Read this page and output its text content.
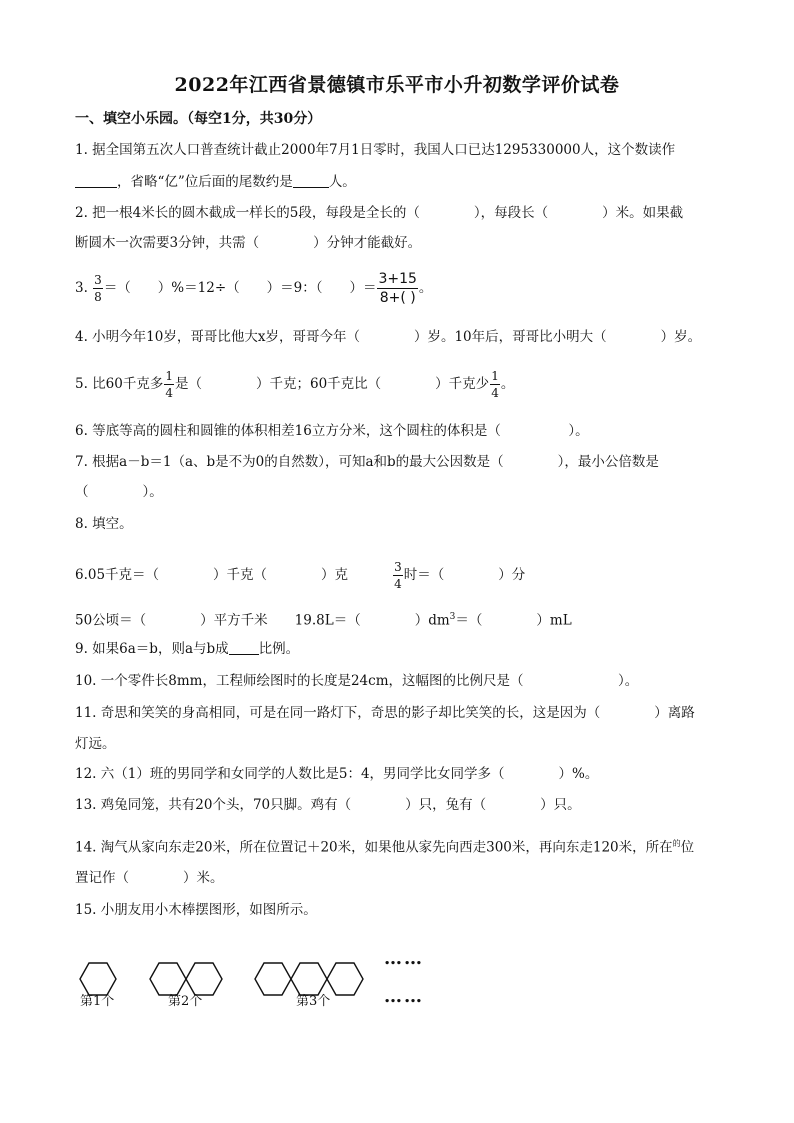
2022年江西省景德镇市乐平市小升初数学评价试卷
一、填空小乐园。（每空1分，共30分）
1. 据全国第五次人口普查统计截止2000年7月1日零时，我国人口已达1295330000人，这个数读作
，省略“亿”位后面的尾数约是	人。
2. 把一根4米长的圆木截成一样长的5段，每段是全长的（　　　　），每段长（　　　　）米。如果截
断圆木一次需要3分钟，共需（　　　　）分钟才能截好。
3. $\frac{3}{8}$ ＝（　　）%＝12÷（　　）＝9：（　　）＝ $\frac{3+15}{8+( )}$ 。
4. 小明今年10岁，哥哥比他大x岁，哥哥今年（　　　　）岁。10年后，哥哥比小明大（　　　　）岁。
5. 比60千克多 $\frac{1}{4}$ 是（　　　　）千克；60千克比（　　　　）千克少 $\frac{1}{4}$ 。
6. 等底等高的圆柱和圆锥的体积相差16立方分米，这个圆柱的体积是（　　　　　）。
7. 根据a－b＝1（a、b是不为0的自然数），可知a和b的最大公因数是（　　　　），最小公倍数是
（　　　　）。
8. 填空。
6.05千克＝（　　　　）千克（　　　　）克	$\frac{3}{4}$ 时＝（　　　　）分
50公顷＝（　　　　）平方千米　　19.8L＝（　　　　）$dm^3=$（　　　　）mL
9. 如果6a＝b，则a与b成 比例。
10. 一个零件长8mm，工程师绘图时的长度是24cm，这幅图的比例尺是（　　　　　　　）。
11. 奇思和笑笑的身高相同，可是在同一路灯下，奇思的影子却比笑笑的长，这是因为（　　　　）离路
灯远。
12. 六（1）班的男同学和女同学的人数比是5：4，男同学比女同学多（　　　　）%。
13. 鸡兔同笼，共有20个头，70只脚。鸡有（　　　　）只，兔有（　　　　）只。
14. 淘气从家向东走20米，所在位置记＋20米，如果他从家先向西走300米，再向东走120米，所在$^的$位
置记作（　　　　）米。
15. 小朋友用小木棒摆图形，如图所示。
第1个	第2个	第3个
……
……
